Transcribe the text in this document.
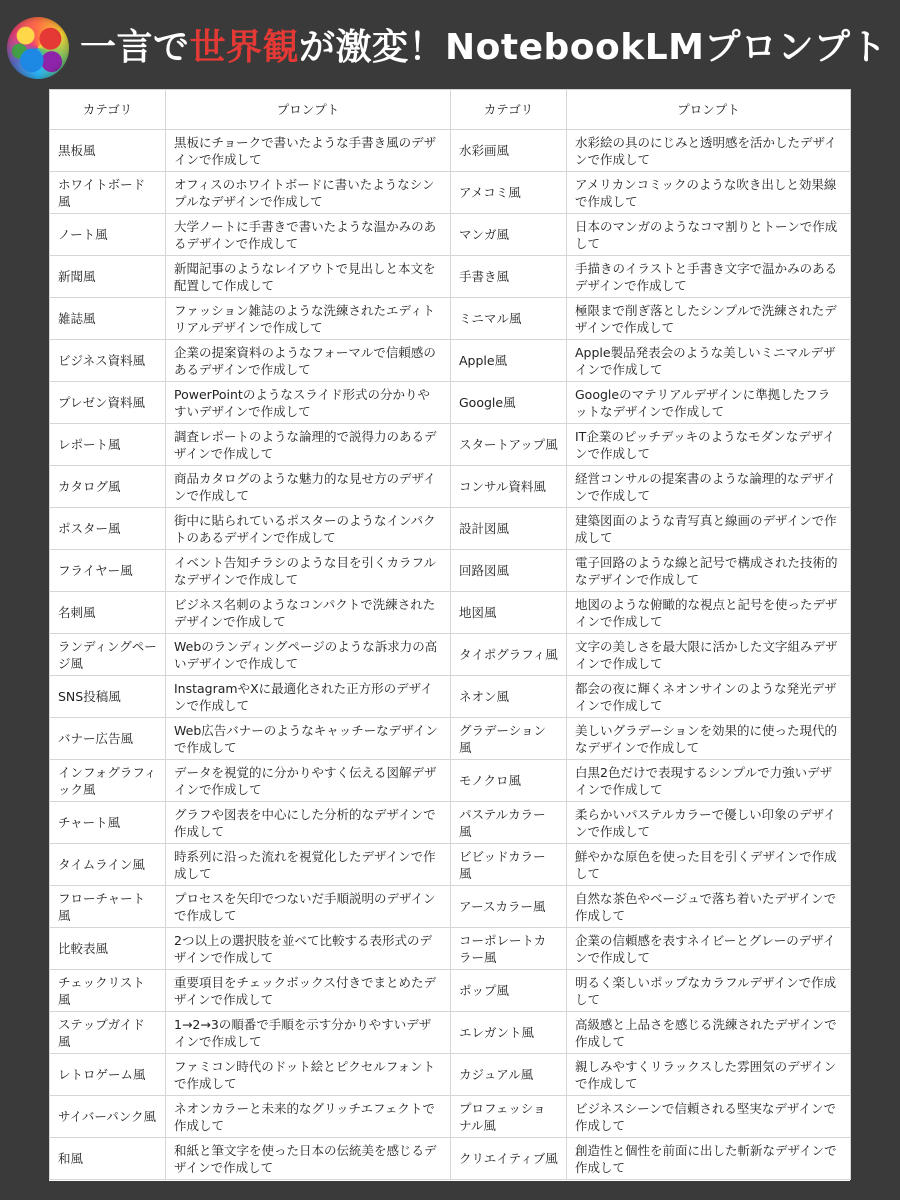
一言で世界観が激変！NotebookLMプロンプト
カテゴリ	プロンプト	カテゴリ	プロンプト
黒板風	黒板にチョークで書いたような手書き風のデザインで作成して	水彩画風	水彩絵の具のにじみと透明感を活かしたデザインで作成して
ホワイトボード風	オフィスのホワイトボードに書いたようなシンプルなデザインで作成して	アメコミ風	アメリカンコミックのような吹き出しと効果線で作成して
ノート風	大学ノートに手書きで書いたような温かみのあるデザインで作成して	マンガ風	日本のマンガのようなコマ割りとトーンで作成して
新聞風	新聞記事のようなレイアウトで見出しと本文を配置して作成して	手書き風	手描きのイラストと手書き文字で温かみのあるデザインで作成して
雑誌風	ファッション雑誌のような洗練されたエディトリアルデザインで作成して	ミニマル風	極限まで削ぎ落としたシンプルで洗練されたデザインで作成して
ビジネス資料風	企業の提案資料のようなフォーマルで信頼感のあるデザインで作成して	Apple風	Apple製品発表会のような美しいミニマルデザインで作成して
プレゼン資料風	PowerPointのようなスライド形式の分かりやすいデザインで作成して	Google風	Googleのマテリアルデザインに準拠したフラットなデザインで作成して
レポート風	調査レポートのような論理的で説得力のあるデザインで作成して	スタートアップ風	IT企業のピッチデッキのようなモダンなデザインで作成して
カタログ風	商品カタログのような魅力的な見せ方のデザインで作成して	コンサル資料風	経営コンサルの提案書のような論理的なデザインで作成して
ポスター風	街中に貼られているポスターのようなインパクトのあるデザインで作成して	設計図風	建築図面のような青写真と線画のデザインで作成して
フライヤー風	イベント告知チラシのような目を引くカラフルなデザインで作成して	回路図風	電子回路のような線と記号で構成された技術的なデザインで作成して
名刺風	ビジネス名刺のようなコンパクトで洗練されたデザインで作成して	地図風	地図のような俯瞰的な視点と記号を使ったデザインで作成して
ランディングページ風	Webのランディングページのような訴求力の高いデザインで作成して	タイポグラフィ風	文字の美しさを最大限に活かした文字組みデザインで作成して
SNS投稿風	InstagramやXに最適化された正方形のデザインで作成して	ネオン風	都会の夜に輝くネオンサインのような発光デザインで作成して
バナー広告風	Web広告バナーのようなキャッチーなデザインで作成して	グラデーション風	美しいグラデーションを効果的に使った現代的なデザインで作成して
インフォグラフィック風	データを視覚的に分かりやすく伝える図解デザインで作成して	モノクロ風	白黒2色だけで表現するシンプルで力強いデザインで作成して
チャート風	グラフや図表を中心にした分析的なデザインで作成して	パステルカラー風	柔らかいパステルカラーで優しい印象のデザインで作成して
タイムライン風	時系列に沿った流れを視覚化したデザインで作成して	ビビッドカラー風	鮮やかな原色を使った目を引くデザインで作成して
フローチャート風	プロセスを矢印でつないだ手順説明のデザインで作成して	アースカラー風	自然な茶色やベージュで落ち着いたデザインで作成して
比較表風	2つ以上の選択肢を並べて比較する表形式のデザインで作成して	コーポレートカラー風	企業の信頼感を表すネイビーとグレーのデザインで作成して
チェックリスト風	重要項目をチェックボックス付きでまとめたデザインで作成して	ポップ風	明るく楽しいポップなカラフルデザインで作成して
ステップガイド風	1→2→3の順番で手順を示す分かりやすいデザインで作成して	エレガント風	高級感と上品さを感じる洗練されたデザインで作成して
レトロゲーム風	ファミコン時代のドット絵とピクセルフォントで作成して	カジュアル風	親しみやすくリラックスした雰囲気のデザインで作成して
サイバーパンク風	ネオンカラーと未来的なグリッチエフェクトで作成して	プロフェッショナル風	ビジネスシーンで信頼される堅実なデザインで作成して
和風	和紙と筆文字を使った日本の伝統美を感じるデザインで作成して	クリエイティブ風	創造性と個性を前面に出した斬新なデザインで作成して
